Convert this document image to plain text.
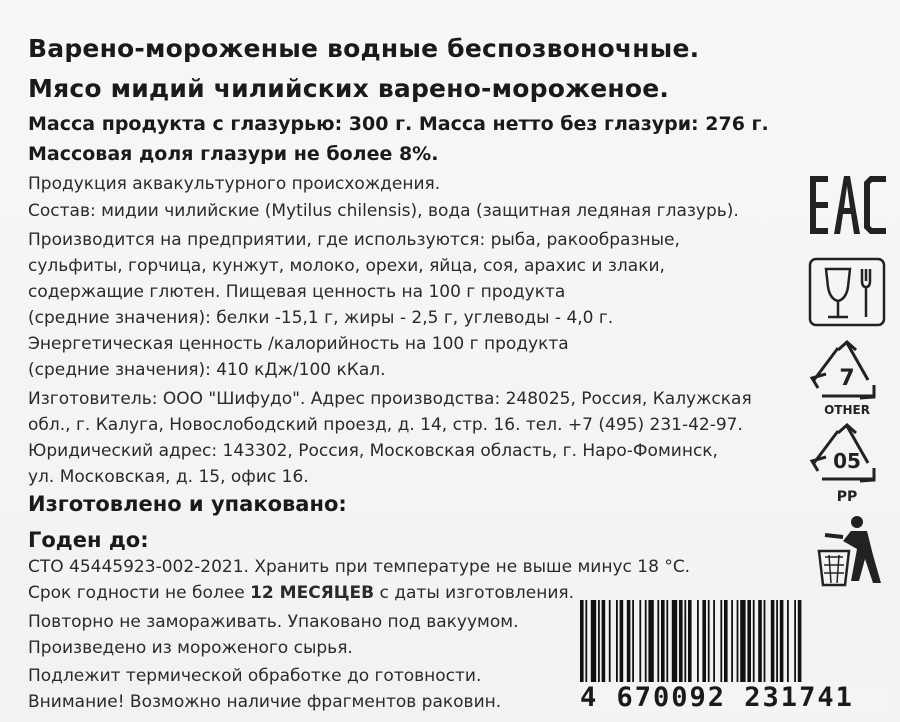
Варено-мороженые водные беспозвоночные.
Мясо мидий чилийских варено-мороженое.
Масса продукта с глазурью: 300 г. Масса нетто без глазури: 276 г.
Массовая доля глазури не более 8%.
Продукция аквакультурного происхождения.
Состав: мидии чилийские (Mytilus chilensis), вода (защитная ледяная глазурь).
Производится на предприятии, где используются: рыба, ракообразные,
сульфиты, горчица, кунжут, молоко, орехи, яйца, соя, арахис и злаки,
содержащие глютен. Пищевая ценность на 100 г продукта
(средние значения): белки -15,1 г, жиры - 2,5 г, углеводы - 4,0 г.
Энергетическая ценность /калорийность на 100 г продукта
(средние значения): 410 кДж/100 кКал.
Изготовитель: ООО "Шифудо". Адрес производства: 248025, Россия, Калужская
обл., г. Калуга, Новослободский проезд, д. 14, стр. 16. тел. +7 (495) 231-42-97.
Юридический адрес: 143302, Россия, Московская область, г. Наро-Фоминск,
ул. Московская, д. 15, офис 16.
Изготовлено и упаковано:
Годен до:
СТО 45445923-002-2021. Хранить при температуре не выше минус 18 °С.
Срок годности не более 12 МЕСЯЦЕВ с даты изготовления.
Повторно не замораживать. Упаковано под вакуумом.
Произведено из мороженого сырья.
Подлежит термической обработке до готовности.
Внимание! Возможно наличие фрагментов раковин.
7
OTHER
05
PP
4 670092 231741
